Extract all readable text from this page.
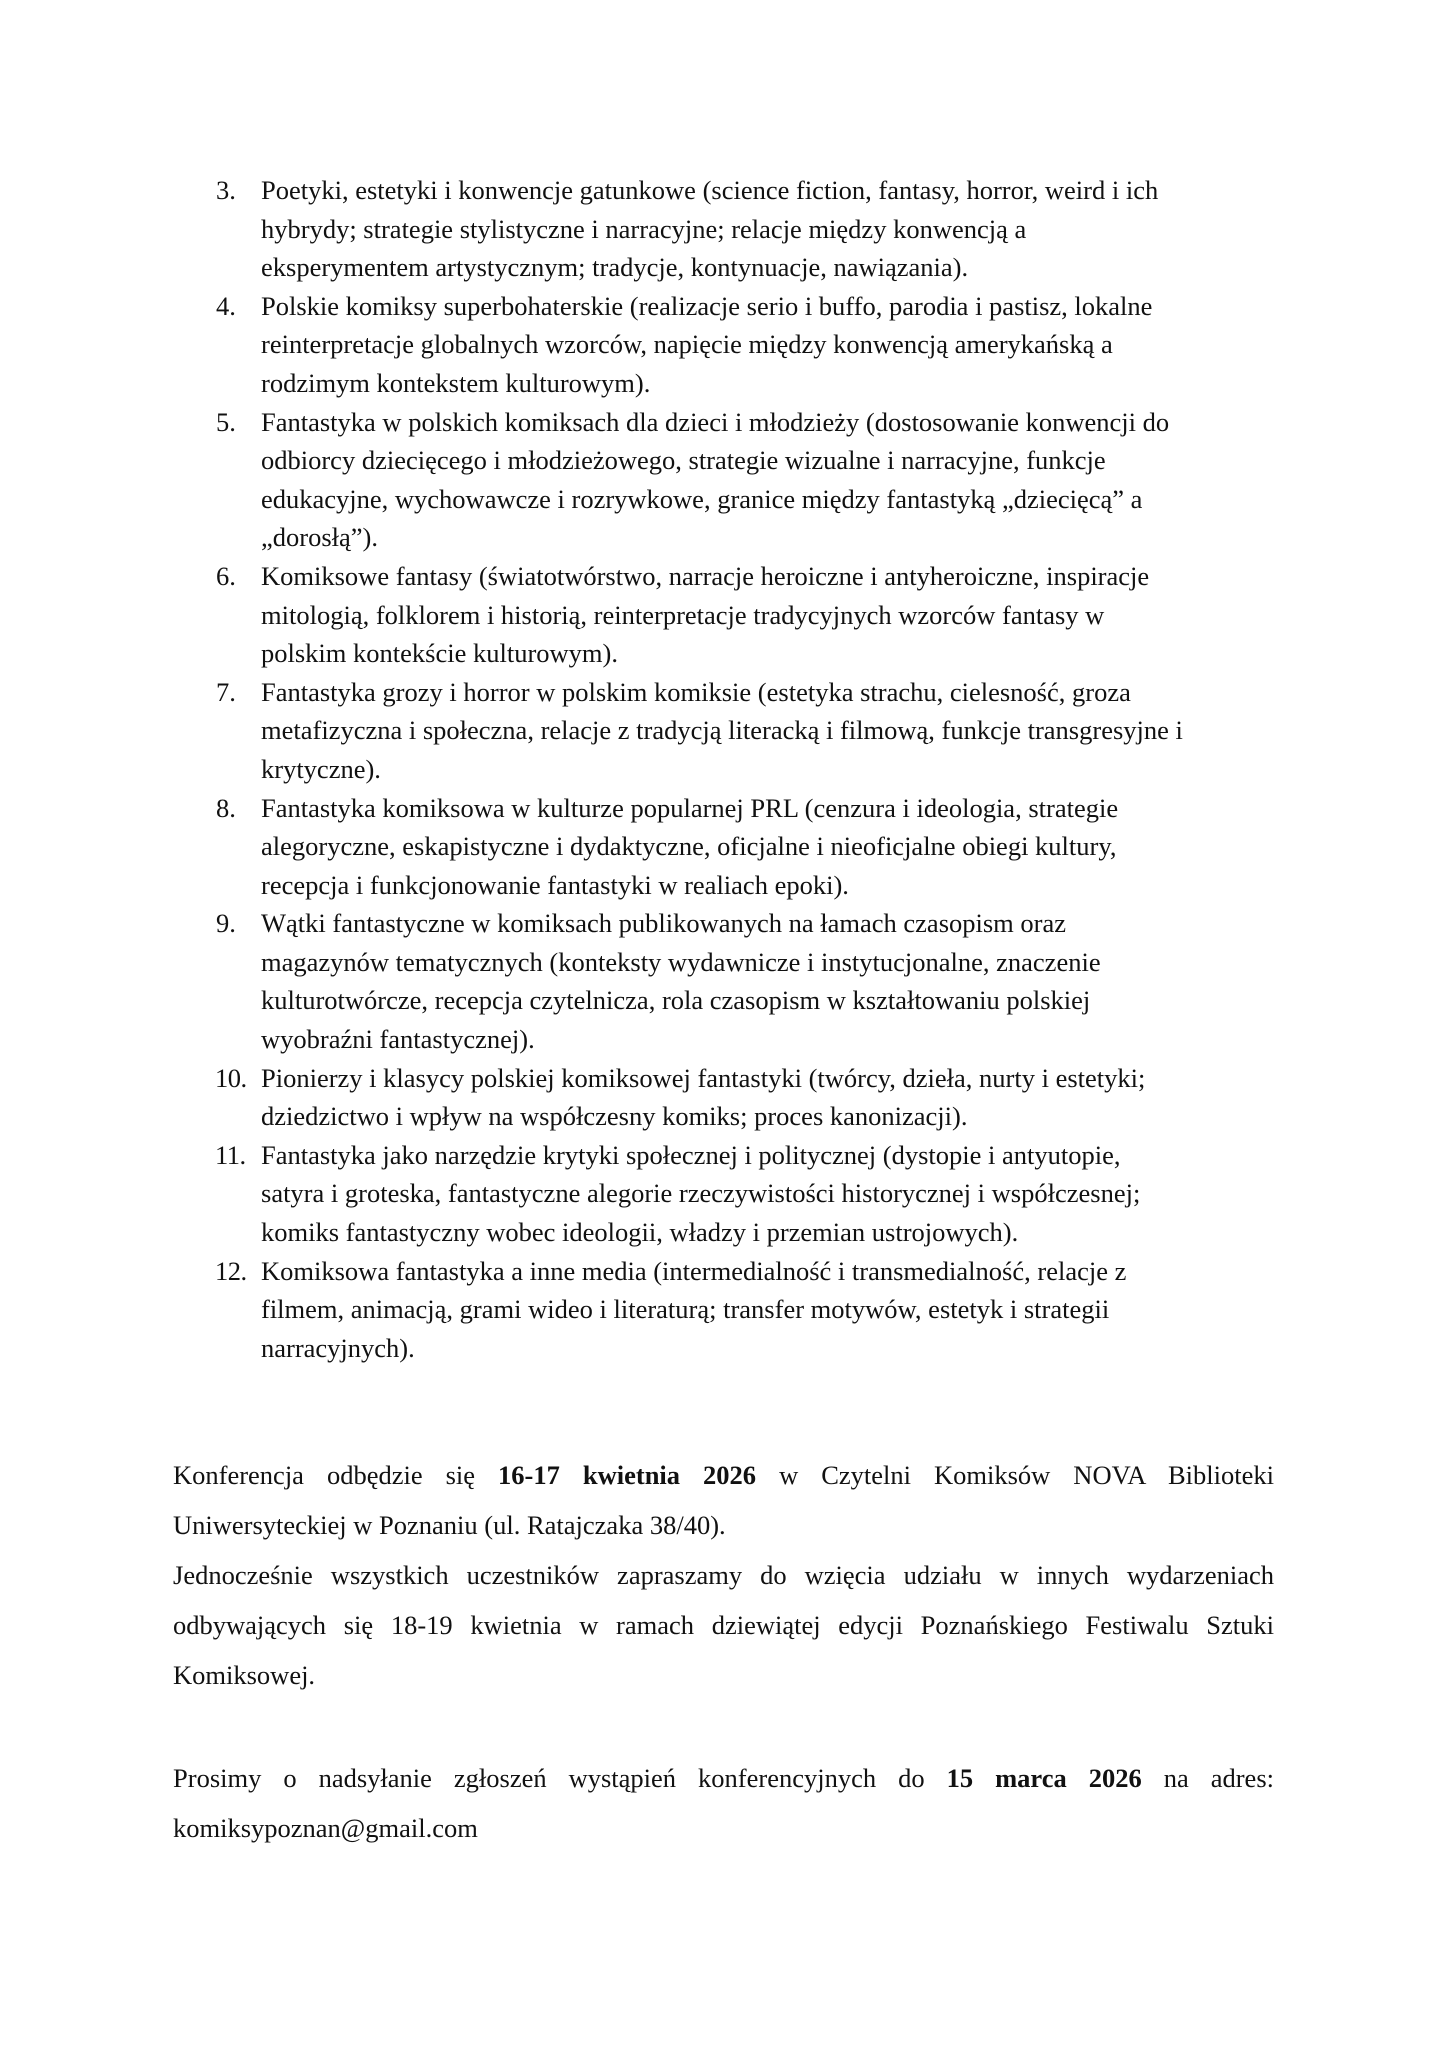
3. Poetyki, estetyki i konwencje gatunkowe (science fiction, fantasy, horror, weird i ich
hybrydy; strategie stylistyczne i narracyjne; relacje między konwencją a
eksperymentem artystycznym; tradycje, kontynuacje, nawiązania).
4. Polskie komiksy superbohaterskie (realizacje serio i buffo, parodia i pastisz, lokalne
reinterpretacje globalnych wzorców, napięcie między konwencją amerykańską a
rodzimym kontekstem kulturowym).
5. Fantastyka w polskich komiksach dla dzieci i młodzieży (dostosowanie konwencji do
odbiorcy dziecięcego i młodzieżowego, strategie wizualne i narracyjne, funkcje
edukacyjne, wychowawcze i rozrywkowe, granice między fantastyką „dziecięcą” a
„dorosłą”).
6. Komiksowe fantasy (światotwórstwo, narracje heroiczne i antyheroiczne, inspiracje
mitologią, folklorem i historią, reinterpretacje tradycyjnych wzorców fantasy w
polskim kontekście kulturowym).
7. Fantastyka grozy i horror w polskim komiksie (estetyka strachu, cielesność, groza
metafizyczna i społeczna, relacje z tradycją literacką i filmową, funkcje transgresyjne i
krytyczne).
8. Fantastyka komiksowa w kulturze popularnej PRL (cenzura i ideologia, strategie
alegoryczne, eskapistyczne i dydaktyczne, oficjalne i nieoficjalne obiegi kultury,
recepcja i funkcjonowanie fantastyki w realiach epoki).
9. Wątki fantastyczne w komiksach publikowanych na łamach czasopism oraz
magazynów tematycznych (konteksty wydawnicze i instytucjonalne, znaczenie
kulturotwórcze, recepcja czytelnicza, rola czasopism w kształtowaniu polskiej
wyobraźni fantastycznej).
10. Pionierzy i klasycy polskiej komiksowej fantastyki (twórcy, dzieła, nurty i estetyki;
dziedzictwo i wpływ na współczesny komiks; proces kanonizacji).
11. Fantastyka jako narzędzie krytyki społecznej i politycznej (dystopie i antyutopie,
satyra i groteska, fantastyczne alegorie rzeczywistości historycznej i współczesnej;
komiks fantastyczny wobec ideologii, władzy i przemian ustrojowych).
12. Komiksowa fantastyka a inne media (intermedialność i transmedialność, relacje z
filmem, animacją, grami wideo i literaturą; transfer motywów, estetyk i strategii
narracyjnych).

Konferencja odbędzie się 16-17 kwietnia 2026 w Czytelni Komiksów NOVA Biblioteki
Uniwersyteckiej w Poznaniu (ul. Ratajczaka 38/40).
Jednocześnie wszystkich uczestników zapraszamy do wzięcia udziału w innych wydarzeniach
odbywających się 18-19 kwietnia w ramach dziewiątej edycji Poznańskiego Festiwalu Sztuki
Komiksowej.

Prosimy o nadsyłanie zgłoszeń wystąpień konferencyjnych do 15 marca 2026 na adres:
komiksypoznan@gmail.com
